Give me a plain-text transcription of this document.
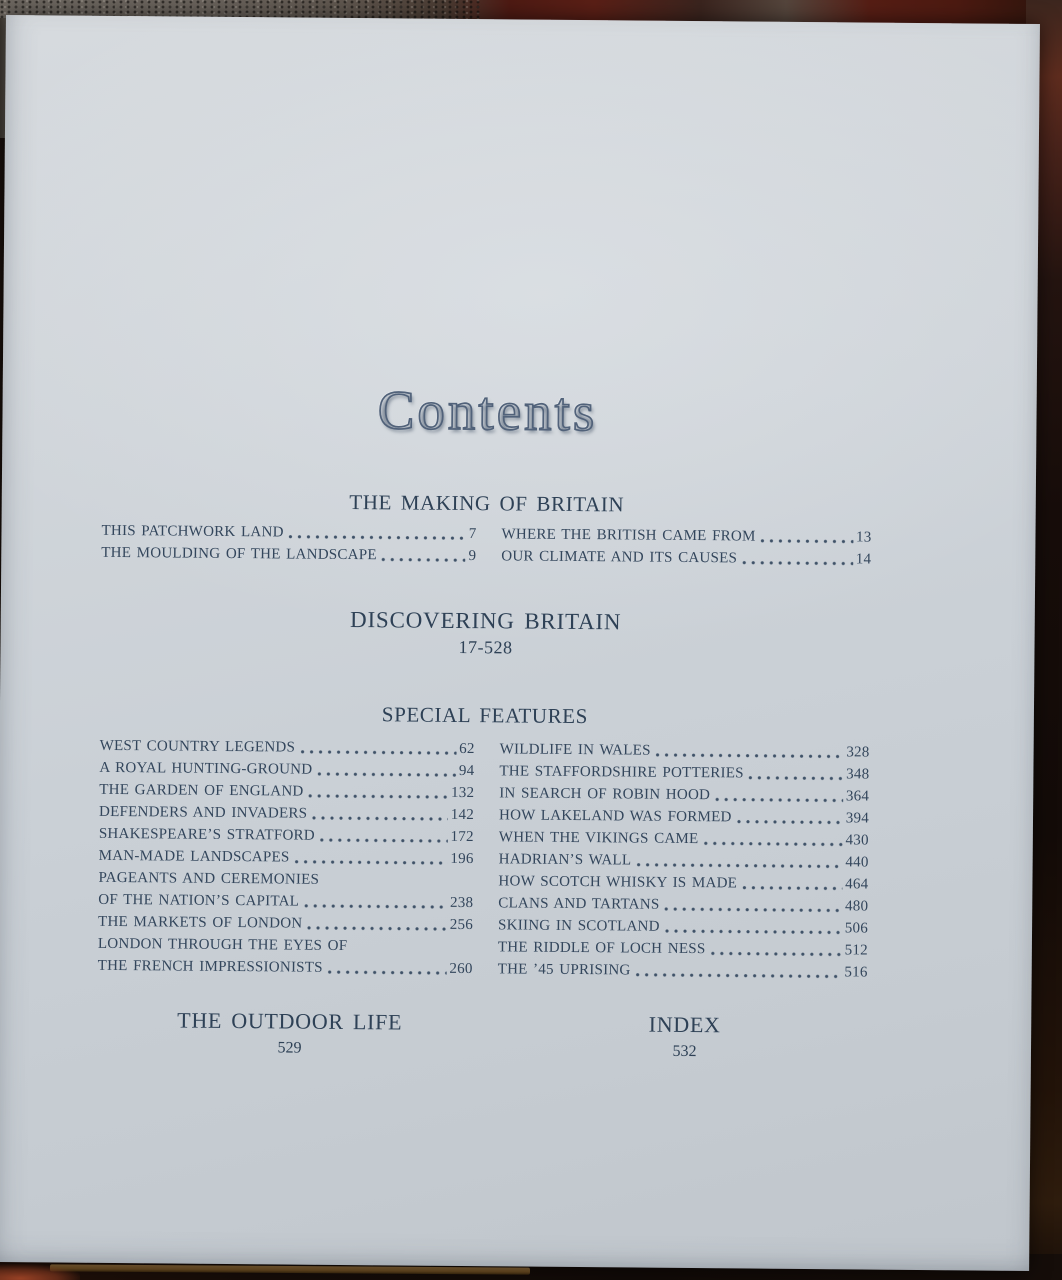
Contents
THE MAKING OF BRITAIN
THIS PATCHWORK LAND	7
THE MOULDING OF THE LANDSCAPE	9
WHERE THE BRITISH CAME FROM	13
OUR CLIMATE AND ITS CAUSES	14
DISCOVERING BRITAIN
17-528
SPECIAL FEATURES
WEST COUNTRY LEGENDS	62
A ROYAL HUNTING-GROUND	94
THE GARDEN OF ENGLAND	132
DEFENDERS AND INVADERS	142
SHAKESPEARE’S STRATFORD	172
MAN-MADE LANDSCAPES	196
PAGEANTS AND CEREMONIES
OF THE NATION’S CAPITAL	238
THE MARKETS OF LONDON	256
LONDON THROUGH THE EYES OF
THE FRENCH IMPRESSIONISTS	260
WILDLIFE IN WALES	328
THE STAFFORDSHIRE POTTERIES	348
IN SEARCH OF ROBIN HOOD	364
HOW LAKELAND WAS FORMED	394
WHEN THE VIKINGS CAME	430
HADRIAN’S WALL	440
HOW SCOTCH WHISKY IS MADE	464
CLANS AND TARTANS	480
SKIING IN SCOTLAND	506
THE RIDDLE OF LOCH NESS	512
THE ’45 UPRISING	516
THE OUTDOOR LIFE
529
INDEX
532
